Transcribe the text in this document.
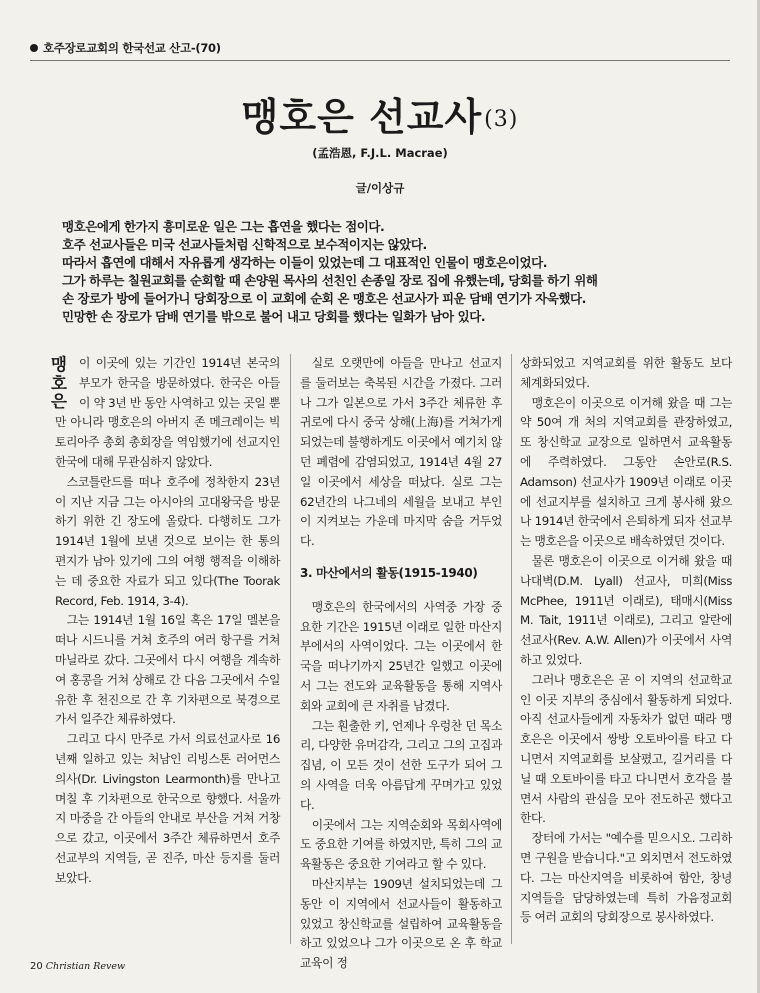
호주장로교회의 한국선교 산고-(70)
맹호은 선교사(3)
(孟浩恩, F.J.L. Macrae)
글/이상규

맹호은에게 한가지 흥미로운 일은 그는 흡연을 했다는 점이다.

호주 선교사들은 미국 선교사들처럼 신학적으로 보수적이지는 않았다.

따라서 흡연에 대해서 자유롭게 생각하는 이들이 있었는데 그 대표적인 인물이 맹호은이었다.

그가 하루는 칠원교회를 순회할 때 손양원 목사의 선친인 손종일 장로 집에 유했는데, 당회를 하기 위해

손 장로가 방에 들어가니 당회장으로 이 교회에 순회 온 맹호은 선교사가 피운 담배 연기가 자욱했다.

민망한 손 장로가 담배 연기를 밖으로 불어 내고 당회를 했다는 일화가 남아 있다.

맹
호
은
이 이곳에 있는 기간인 1914년 본국의 부모가 한국을 방문하였다. 한국은 아들이 약 3년 반 동안 사역하고 있는 곳일 뿐만 아니라 맹호은의 아버지 존 메크레이는 빅토리아주 총회 총회장을 역임했기에 선교지인 한국에 대해 무관심하지 않았다.

스코틀란드를 떠나 호주에 정착한지 23년이 지난 지금 그는 아시아의 고대왕국을 방문하기 위한 긴 장도에 올랐다. 다행히도 그가 1914년 1월에 보낸 것으로 보이는 한 통의 편지가 남아 있기에 그의 여행 행적을 이해하는 데 중요한 자료가 되고 있다(The Toorak Record, Feb. 1914, 3-4).

그는 1914년 1월 16일 혹은 17일 멜본을 떠나 시드니를 거쳐 호주의 여러 항구를 거쳐 마닐라로 갔다. 그곳에서 다시 여행을 계속하여 홍콩을 거쳐 상해로 간 다음 그곳에서 수일 유한 후 천진으로 간 후 기차편으로 북경으로 가서 일주간 체류하였다.

그리고 다시 만주로 가서 의료선교사로 16년째 일하고 있는 처남인 리빙스톤 러어먼스 의사(Dr. Livingston Learmonth)를 만나고 며칠 후 기차편으로 한국으로 향했다. 서울까지 마중을 간 아들의 안내로 부산을 거쳐 거창으로 갔고, 이곳에서 3주간 체류하면서 호주 선교부의 지역들, 곧 진주, 마산 등지를 둘러보았다.

실로 오랫만에 아들을 만나고 선교지를 둘러보는 축복된 시간을 가졌다. 그러나 그가 일본으로 가서 3주간 체류한 후 귀로에 다시 중국 상해(上海)를 거쳐가게 되었는데 불행하게도 이곳에서 예기치 않던 폐렴에 감염되었고, 1914년 4월 27일 이곳에서 세상을 떠났다. 실로 그는 62년간의 나그네의 세월을 보내고 부인이 지켜보는 가운데 마지막 숨을 거두었다.

3. 마산에서의 활동(1915-1940)

맹호은의 한국에서의 사역중 가장 중요한 기간은 1915년 이래로 일한 마산지부에서의 사역이었다. 그는 이곳에서 한국을 떠나기까지 25년간 일했고 이곳에서 그는 전도와 교육활동을 통해 지역사회와 교회에 큰 자취를 남겼다.

그는 훤출한 키, 언제나 우렁찬 던 목소리, 다양한 유머감각, 그리고 그의 고집과 집념, 이 모든 것이 선한 도구가 되어 그의 사역을 더욱 아름답게 꾸며가고 있었다.

이곳에서 그는 지역순회와 목회사역에도 중요한 기여를 하였지만, 특히 그의 교육활동은 중요한 기여라고 할 수 있다.

마산지부는 1909년 설치되었는데 그동안 이 지역에서 선교사들이 활동하고 있었고 창신학교를 설립하여 교육활동을 하고 있었으나 그가 이곳으로 온 후 학교 교육이 정

상화되었고 지역교회를 위한 활동도 보다 체계화되었다.

맹호은이 이곳으로 이거해 왔을 때 그는 약 50여 개 처의 지역교회를 관장하였고, 또 창신학교 교장으로 일하면서 교육활동에 주력하였다. 그동안 손안로(R.S. Adamson) 선교사가 1909년 이래로 이곳에 선교지부를 설치하고 크게 봉사해 왔으나 1914년 한국에서 은퇴하게 되자 선교부는 맹호은을 이곳으로 배속하였던 것이다.

물론 맹호은이 이곳으로 이거해 왔을 때 나대벽(D.M. Lyall) 선교사, 미희(Miss McPhee, 1911년 이래로), 태매시(Miss M. Tait, 1911년 이래로), 그리고 알란에 선교사(Rev. A.W. Allen)가 이곳에서 사역하고 있었다.

그러나 맹호은은 곧 이 지역의 선교학교인 이곳 지부의 중심에서 활동하게 되었다. 아직 선교사들에게 자동차가 없던 때라 맹호은은 이곳에서 쌍방 오토바이를 타고 다니면서 지역교회를 보살폈고, 길거리를 다닐 때 오토바이를 타고 다니면서 호각을 불면서 사람의 관심을 모아 전도하곤 했다고 한다.

장터에 가서는 "예수를 믿으시오. 그리하면 구원을 받습니다."고 외치면서 전도하였다. 그는 마산지역을 비롯하여 함안, 창녕 지역들을 담당하였는데 특히 가음정교회 등 여러 교회의 당회장으로 봉사하였다.

20 Christian Revew
